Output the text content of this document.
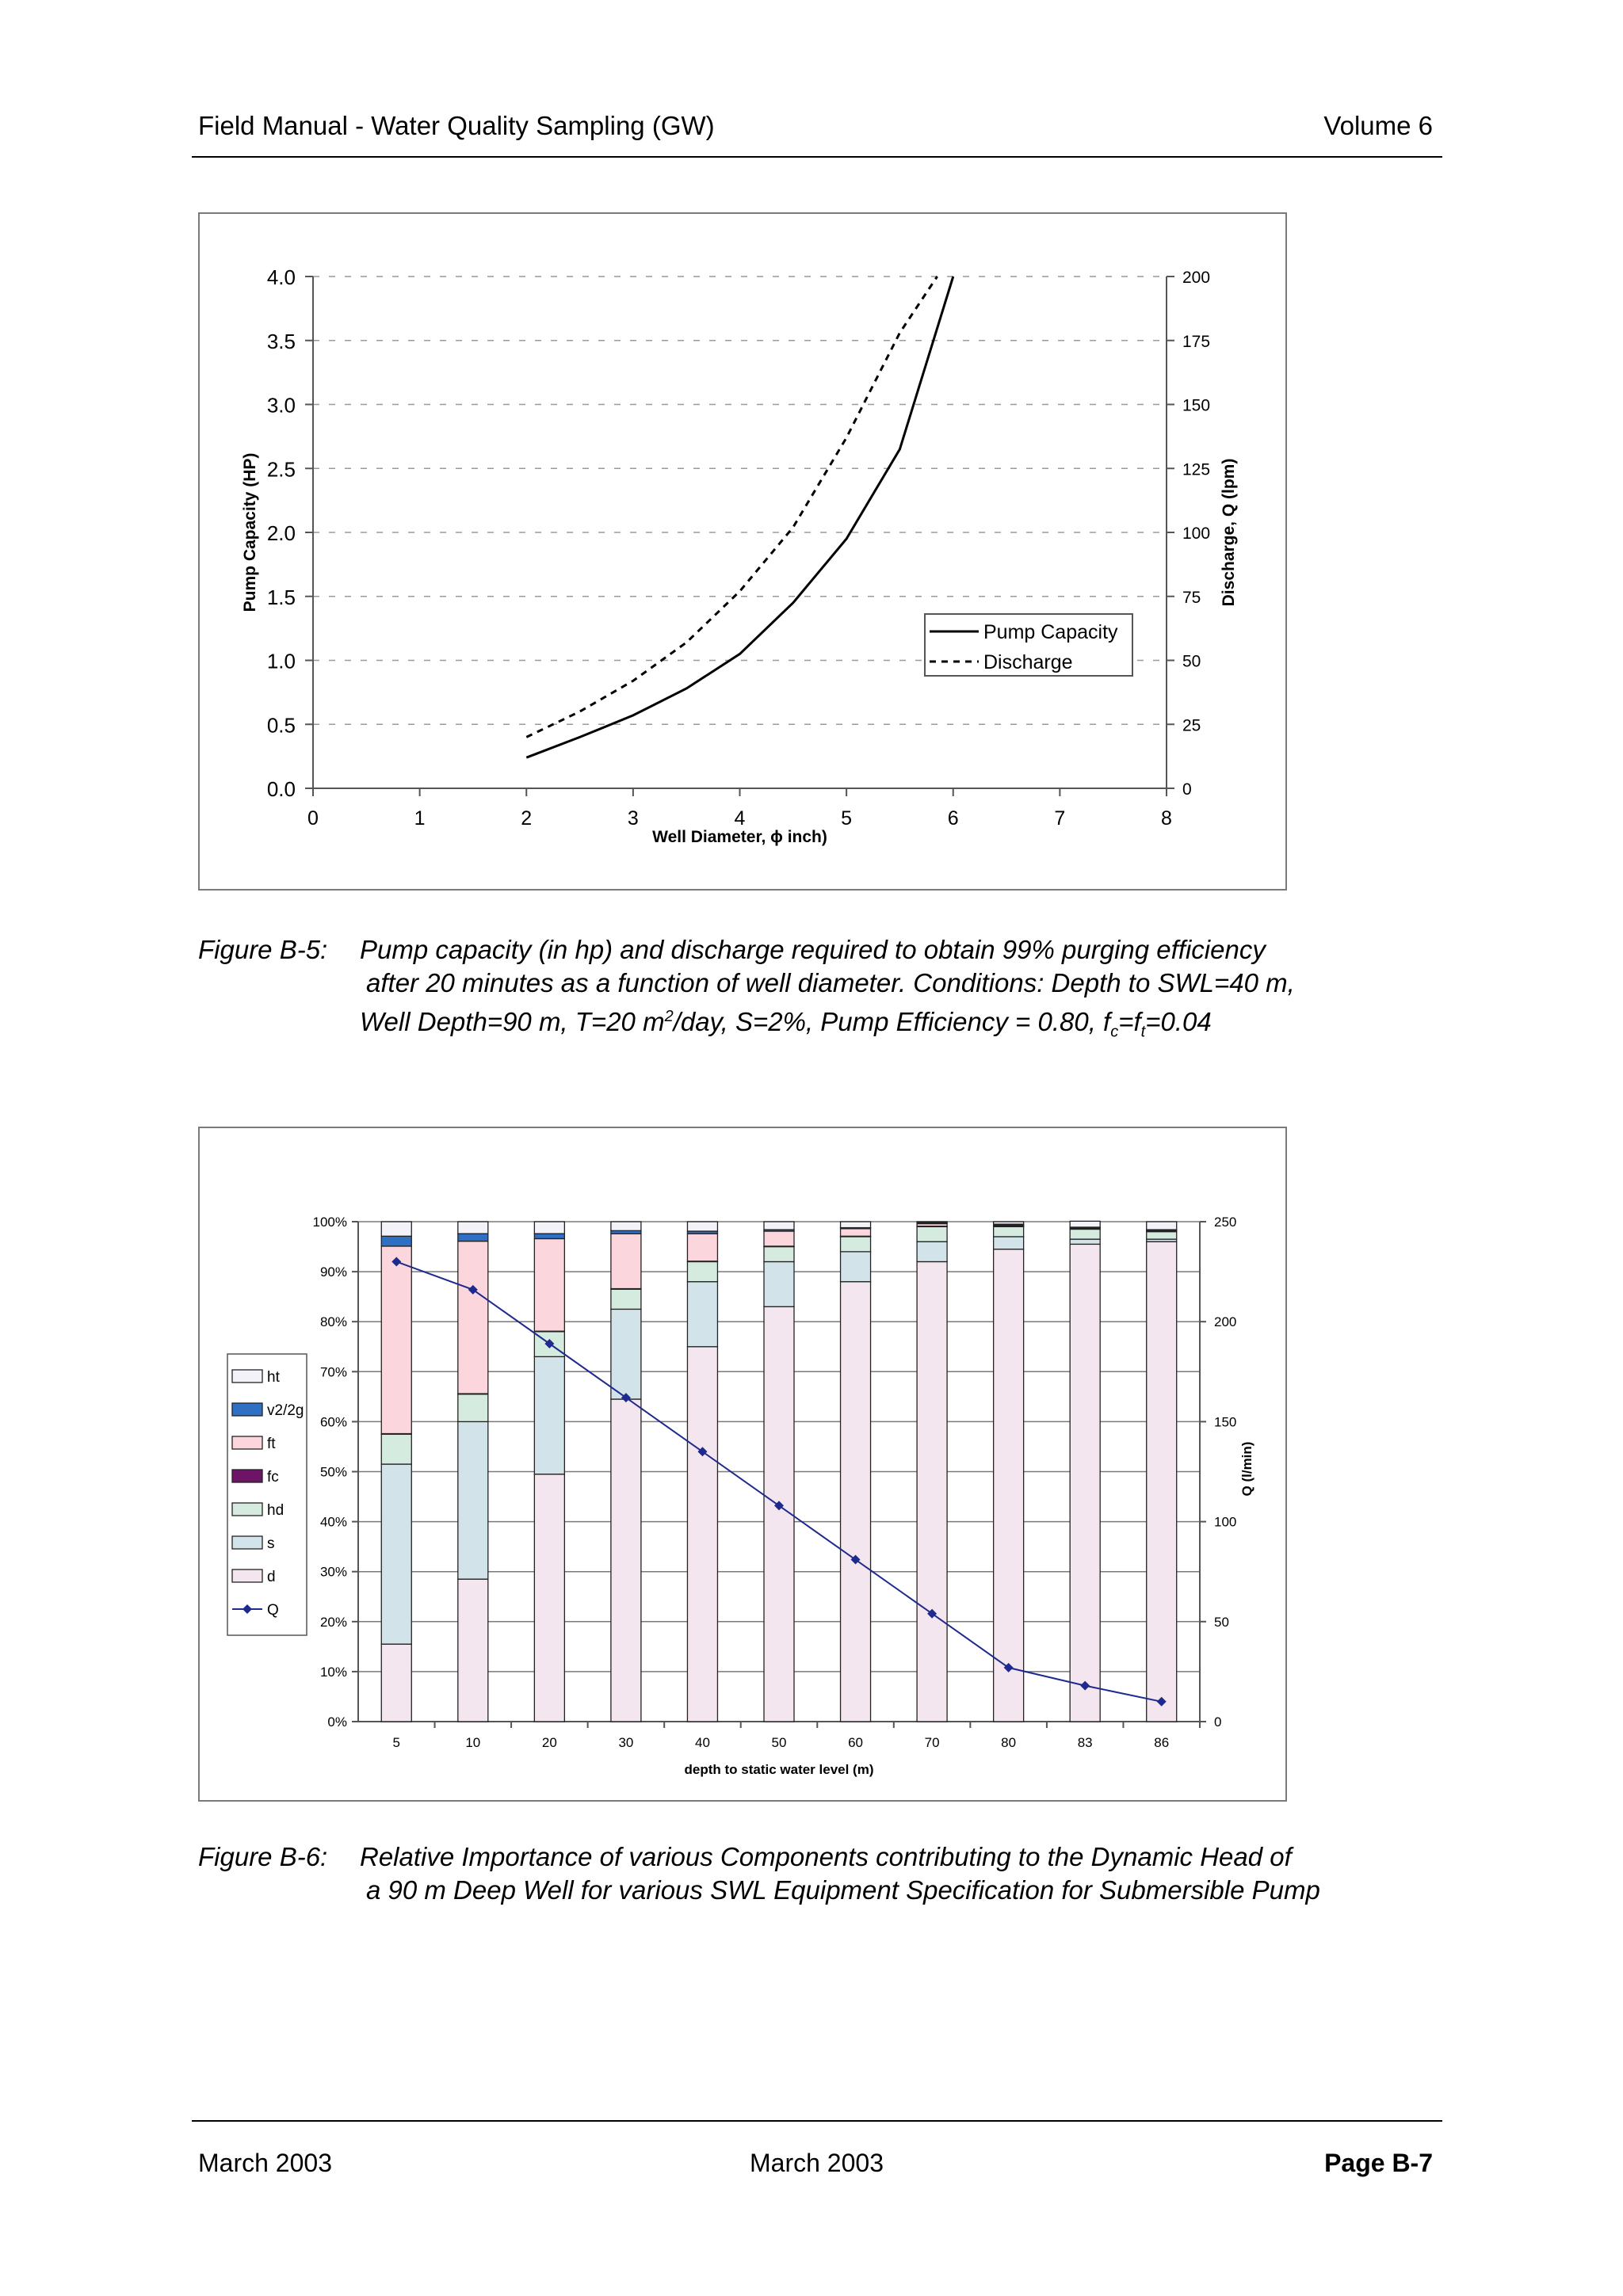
Field Manual - Water Quality Sampling (GW)	Volume 6
0.0
0.5
1.0
1.5
2.0
2.5
3.0
3.5
4.0
0
25
50
75
100
125
150
175
200
0	1	2	3	4	5	6	7	8
Well Diameter, ϕ inch)
Pump Capacity (HP)	Discharge, Q (lpm)
Pump Capacity
Discharge
Figure B-5: Pump capacity (in hp) and discharge required to obtain 99% purging efficiency
after 20 minutes as a function of well diameter. Conditions: Depth to SWL=40 m,
Well Depth=90 m, T=20 $m^2$/day, S=2%, Pump Efficiency = 0.80, $f_c=f_t=0.04$
0%
10%
20%
30%
40%
50%
60%
70%
80%
90%
100%
0
50
100
150
200
250
5	10	20	30	40	50	60	70	80	83	86
depth to static water level (m)
Q (l/min)
ht
v2/2g
ft
fc
hd
s
d
Q
Figure B-6: Relative Importance of various Components contributing to the Dynamic Head of
a 90 m Deep Well for various SWL Equipment Specification for Submersible Pump
March 2003	March 2003	Page B-7
